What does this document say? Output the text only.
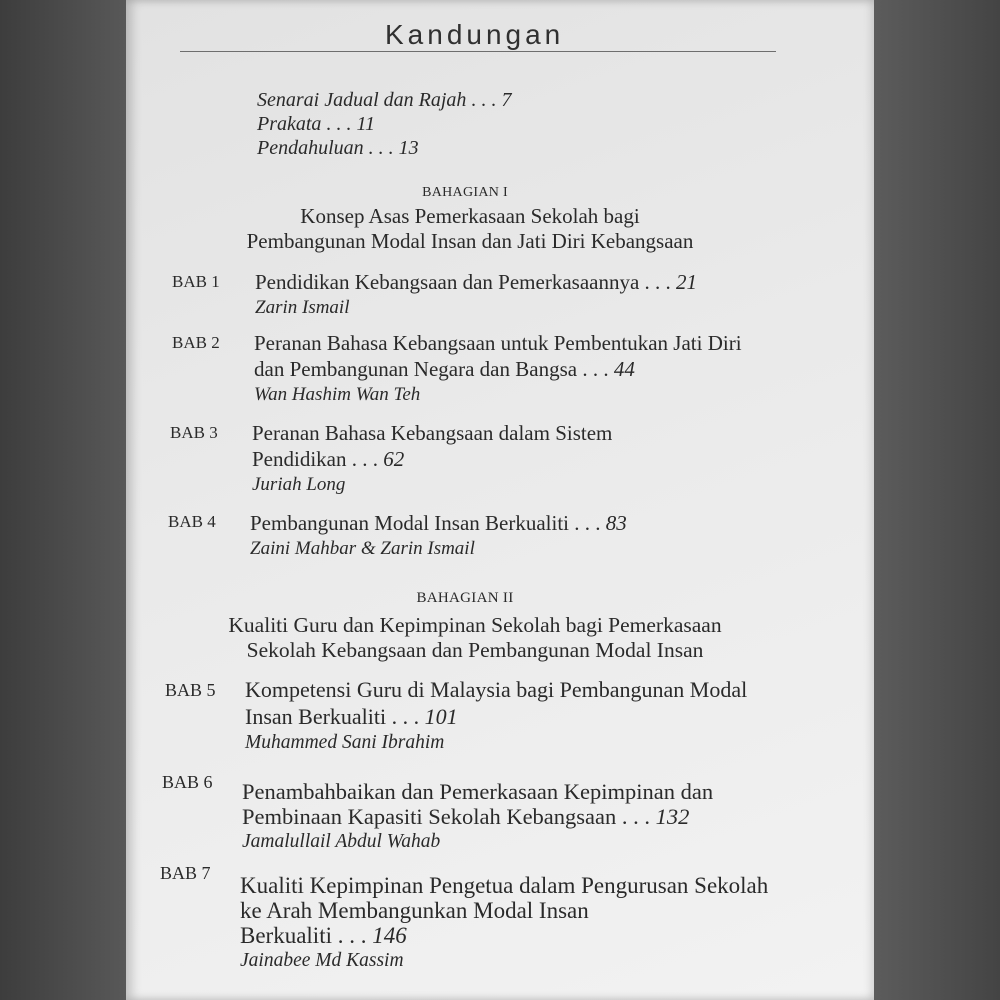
Kandungan
Senarai Jadual dan Rajah . . . 7
Prakata . . . 11
Pendahuluan . . . 13
BAHAGIAN I
Konsep Asas Pemerkasaan Sekolah bagi
Pembangunan Modal Insan dan Jati Diri Kebangsaan
BAB 1 Pendidikan Kebangsaan dan Pemerkasaannya . . . 21
Zarin Ismail
BAB 2 Peranan Bahasa Kebangsaan untuk Pembentukan Jati Diri
dan Pembangunan Negara dan Bangsa . . . 44
Wan Hashim Wan Teh
BAB 3 Peranan Bahasa Kebangsaan dalam Sistem
Pendidikan . . . 62
Juriah Long
BAB 4 Pembangunan Modal Insan Berkualiti . . . 83
Zaini Mahbar & Zarin Ismail
BAHAGIAN II
Kualiti Guru dan Kepimpinan Sekolah bagi Pemerkasaan
Sekolah Kebangsaan dan Pembangunan Modal Insan
BAB 5 Kompetensi Guru di Malaysia bagi Pembangunan Modal
Insan Berkualiti . . . 101
Muhammed Sani Ibrahim
BAB 6 Penambahbaikan dan Pemerkasaan Kepimpinan dan
Pembinaan Kapasiti Sekolah Kebangsaan . . . 132
Jamalullail Abdul Wahab
BAB 7 Kualiti Kepimpinan Pengetua dalam Pengurusan Sekolah
ke Arah Membangunkan Modal Insan
Berkualiti . . . 146
Jainabee Md Kassim
